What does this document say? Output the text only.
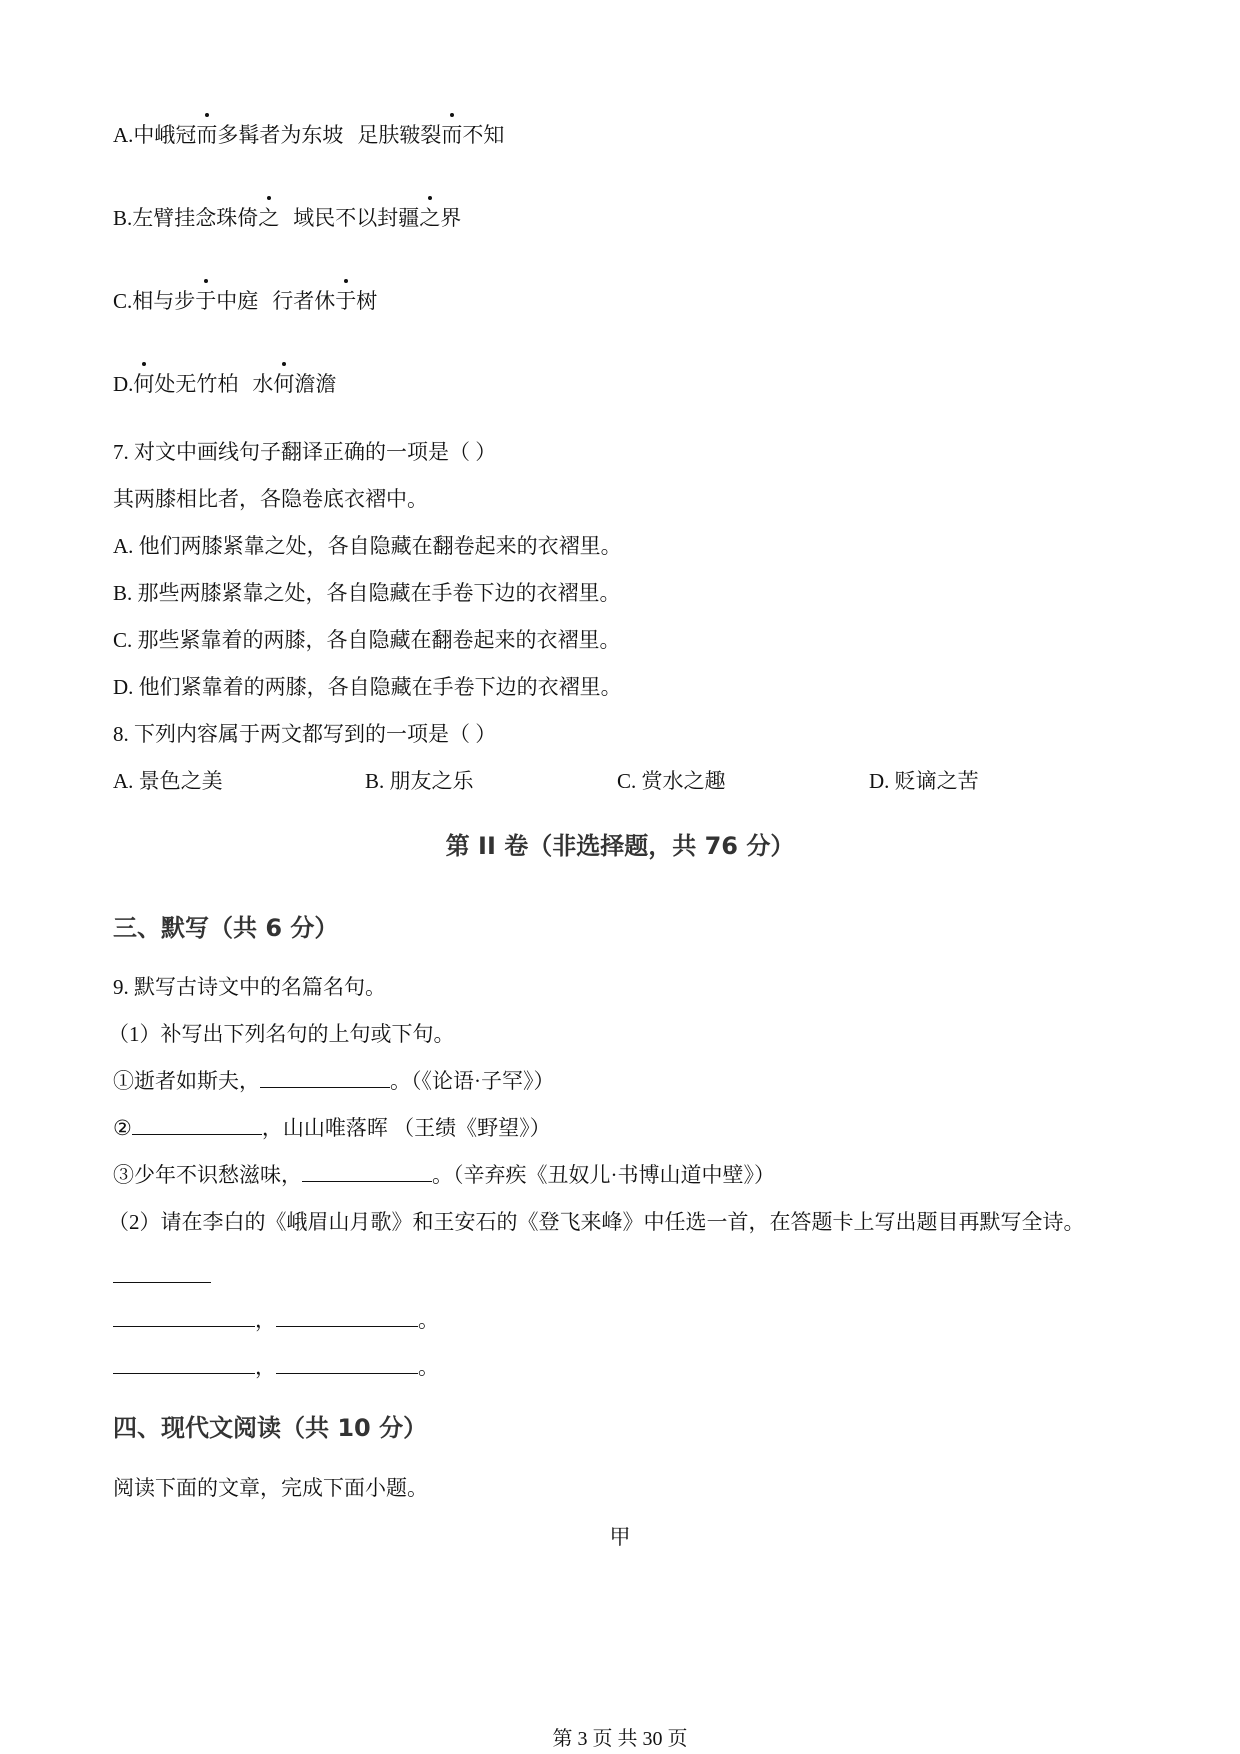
A.中峨冠而多髯者为东坡 足肤皲裂而不知
B.左臂挂念珠倚之 域民不以封疆之界
C.相与步于中庭 行者休于树
D.何处无竹柏 水何澹澹
7. 对文中画线句子翻译正确的一项是（ ）
其两膝相比者，各隐卷底衣褶中。
A. 他们两膝紧靠之处，各自隐藏在翻卷起来的衣褶里。
B. 那些两膝紧靠之处，各自隐藏在手卷下边的衣褶里。
C. 那些紧靠着的两膝，各自隐藏在翻卷起来的衣褶里。
D. 他们紧靠着的两膝，各自隐藏在手卷下边的衣褶里。
8. 下列内容属于两文都写到的一项是（ ）
A. 景色之美	B. 朋友之乐	C. 赏水之趣	D. 贬谪之苦
第 II 卷（非选择题，共 76 分）
三、默写（共 6 分）
9. 默写古诗文中的名篇名句。
（1）补写出下列名句的上句或下句。
①逝者如斯夫，	。（《论语·子罕》）
②	，山山唯落晖 （王绩《野望》）
③少年不识愁滋味，	。（辛弃疾《丑奴儿·书博山道中壁》）
（2）请在李白的《峨眉山月歌》和王安石的《登飞来峰》中任选一首，在答题卡上写出题目再默写全诗。
，	。
，	。
四、现代文阅读（共 10 分）
阅读下面的文章，完成下面小题。
甲
第 3 页 共 30 页
